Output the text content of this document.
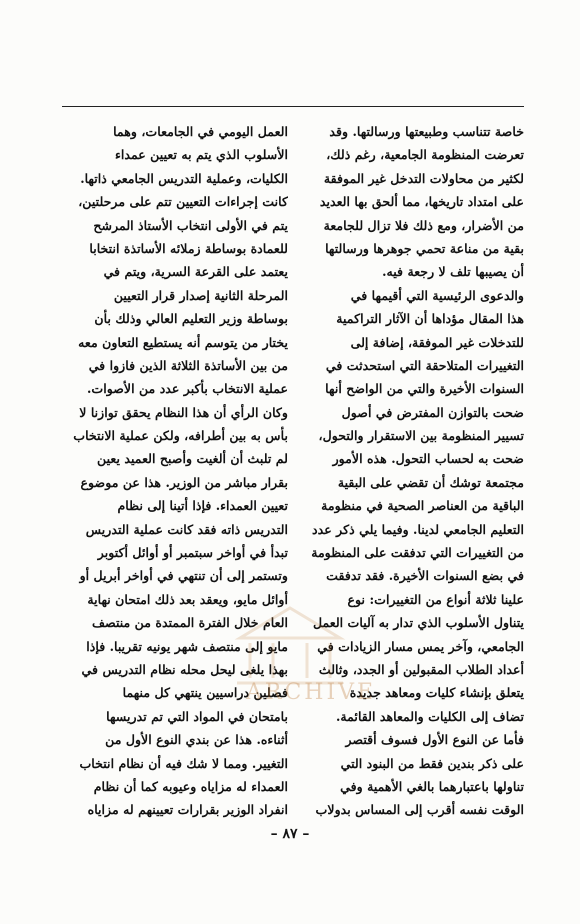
خاصة تتناسب وطبيعتها ورسالتها. وقد
تعرضت المنظومة الجامعية، رغم ذلك،
لكثير من محاولات التدخل غير الموفقة
على امتداد تاريخها، مما ألحق بها العديد
من الأضرار، ومع ذلك فلا تزال للجامعة
بقية من مناعة تحمي جوهرها ورسالتها
أن يصيبها تلف لا رجعة فيه.
والدعوى الرئيسية التي أقيمها في
هذا المقال مؤداها أن الآثار التراكمية
للتدخلات غير الموفقة، إضافة إلى
التغييرات المتلاحقة التي استحدثت في
السنوات الأخيرة والتي من الواضح أنها
ضحت بالتوازن المفترض في أصول
تسيير المنظومة بين الاستقرار والتحول،
ضحت به لحساب التحول. هذه الأمور
مجتمعة توشك أن تقضي على البقية
الباقية من العناصر الصحية في منظومة
التعليم الجامعي لدينا. وفيما يلي ذكر عدد
من التغييرات التي تدفقت على المنظومة
في بضع السنوات الأخيرة. فقد تدفقت
علينا ثلاثة أنواع من التغييرات: نوع
يتناول الأسلوب الذي تدار به آليات العمل
الجامعي، وآخر يمس مسار الزيادات في
أعداد الطلاب المقبولين أو الجدد، وثالث
يتعلق بإنشاء كليات ومعاهد جديدة
تضاف إلى الكليات والمعاهد القائمة.
فأما عن النوع الأول فسوف أقتصر
على ذكر بندين فقط من البنود التي
تناولها باعتبارهما بالغي الأهمية وفي
الوقت نفسه أقرب إلى المساس بدولاب
العمل اليومي في الجامعات، وهما
الأسلوب الذي يتم به تعيين عمداء
الكليات، وعملية التدريس الجامعي ذاتها.
كانت إجراءات التعيين تتم على مرحلتين،
يتم في الأولى انتخاب الأستاذ المرشح
للعمادة بوساطة زملائه الأساتذة انتخابا
يعتمد على القرعة السرية، ويتم في
المرحلة الثانية إصدار قرار التعيين
بوساطة وزير التعليم العالي وذلك بأن
يختار من يتوسم أنه يستطيع التعاون معه
من بين الأساتذة الثلاثة الذين فازوا في
عملية الانتخاب بأكبر عدد من الأصوات.
وكان الرأي أن هذا النظام يحقق توازنا لا
بأس به بين أطرافه، ولكن عملية الانتخاب
لم تلبث أن ألغيت وأصبح العميد يعين
بقرار مباشر من الوزير. هذا عن موضوع
تعيين العمداء. فإذا أتينا إلى نظام
التدريس ذاته فقد كانت عملية التدريس
تبدأ في أواخر سبتمبر أو أوائل أكتوبر
وتستمر إلى أن تنتهي في أواخر أبريل أو
أوائل مايو، ويعقد بعد ذلك امتحان نهاية
العام خلال الفترة الممتدة من منتصف
مايو إلى منتصف شهر يونيه تقريبا. فإذا
بهذا يلغى ليحل محله نظام التدريس في
فصلين دراسيين ينتهي كل منهما
بامتحان في المواد التي تم تدريسها
أثناءه. هذا عن بندي النوع الأول من
التغيير. ومما لا شك فيه أن نظام انتخاب
العمداء له مزاياه وعيوبه كما أن نظام
انفراد الوزير بقرارات تعيينهم له مزاياه
ARCHIVE
– ٨٧ –
